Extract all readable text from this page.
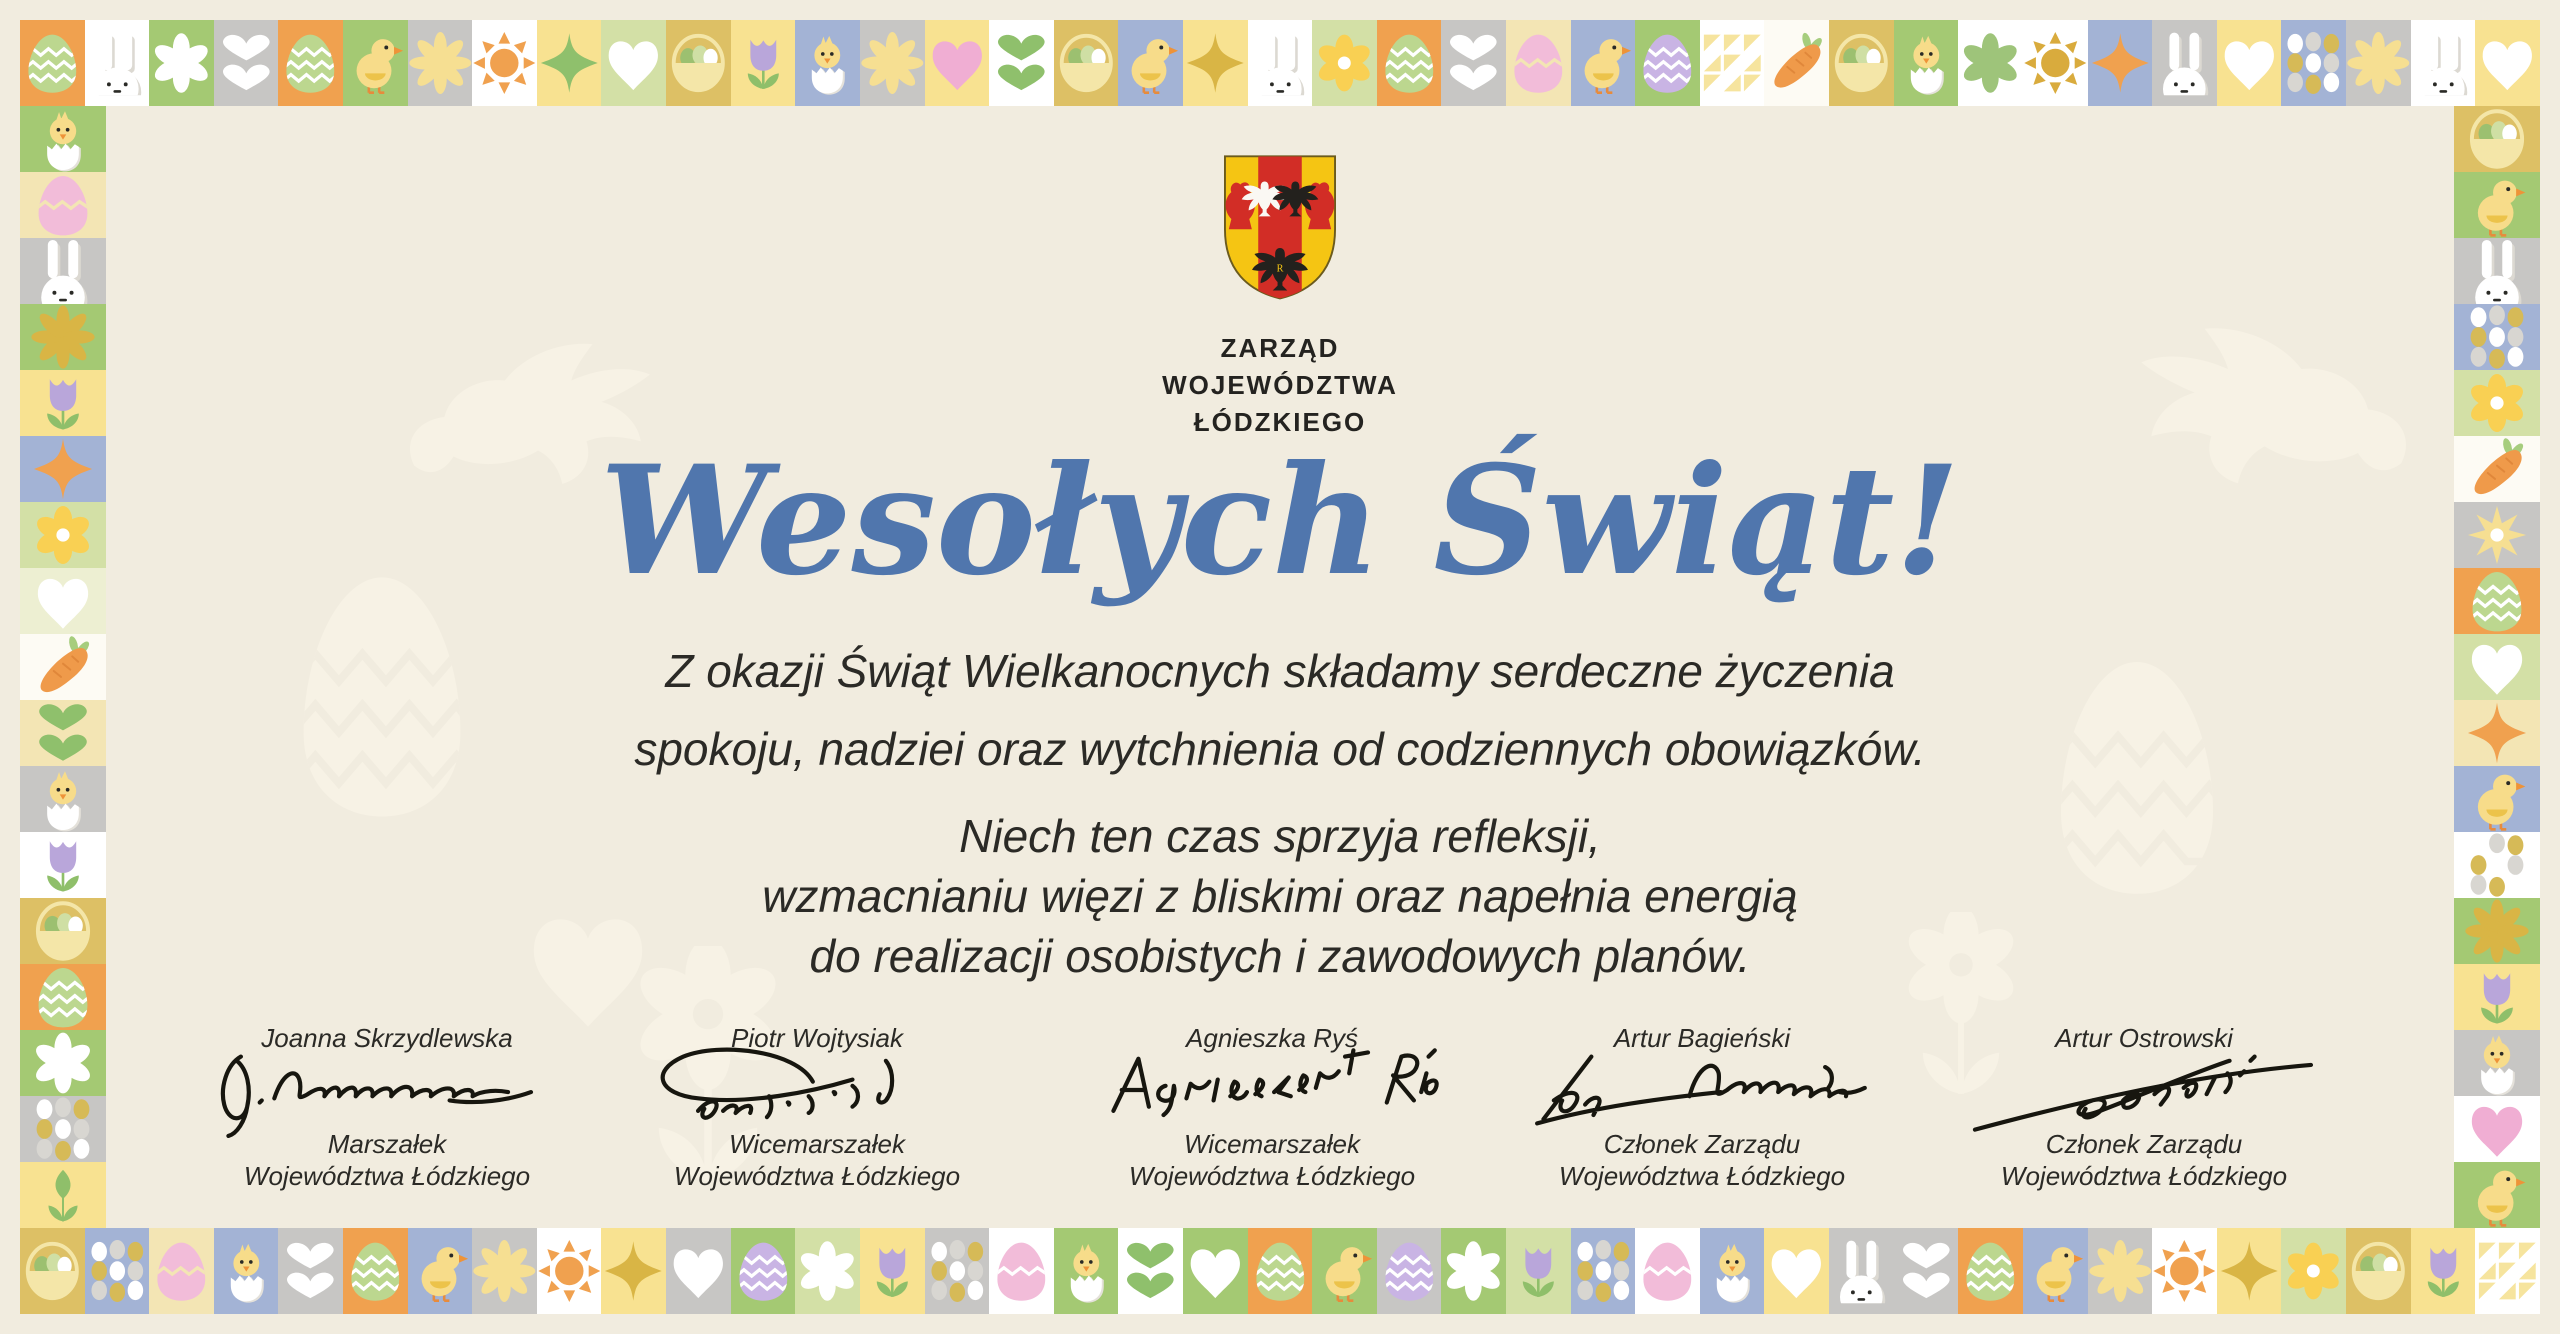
R
ZARZĄD
WOJEWÓDZTWA
ŁÓDZKIEGO
Wesołych Świąt!
Z okazji Świąt Wielkanocnych składamy serdeczne życzenia
spokoju, nadziei oraz wytchnienia od codziennych obowiązków.
Niech ten czas sprzyja refleksji,
wzmacnianiu więzi z bliskimi oraz napełnia energią
do realizacji osobistych i zawodowych planów.
Joanna Skrzydlewska
Marszałek
Województwa Łódzkiego
Piotr Wojtysiak
Wicemarszałek
Województwa Łódzkiego
Agnieszka Ryś
Wicemarszałek
Województwa Łódzkiego
Artur Bagieński
Członek Zarządu
Województwa Łódzkiego
Artur Ostrowski
Członek Zarządu
Województwa Łódzkiego
